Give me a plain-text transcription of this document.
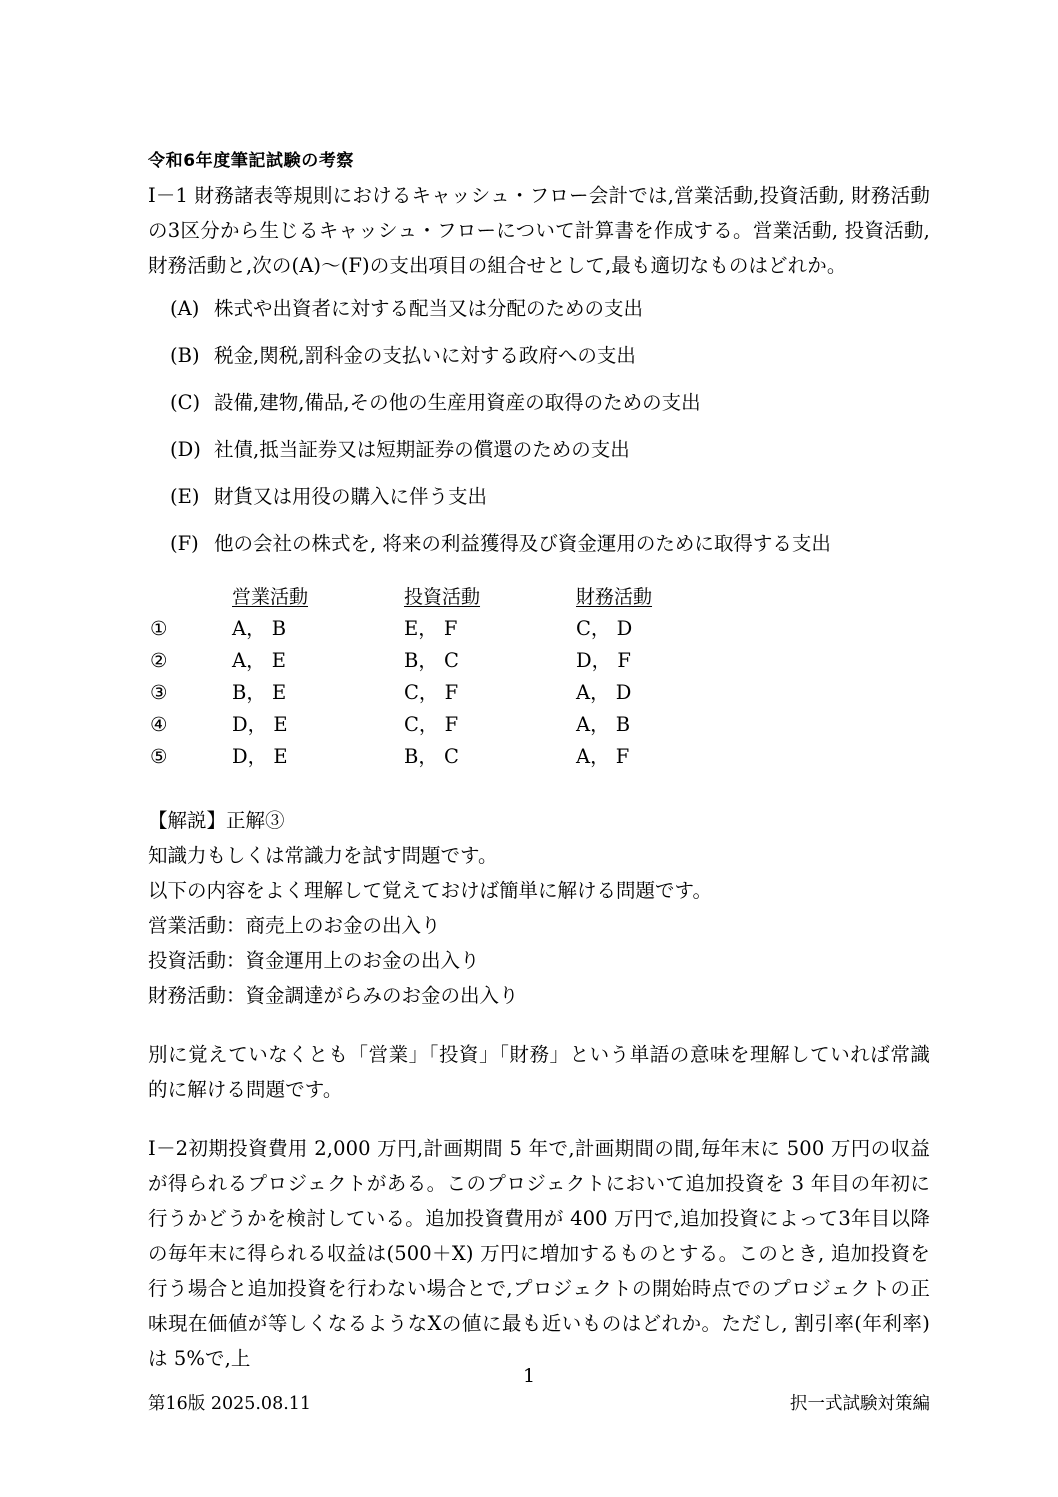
令和6年度筆記試験の考察

Ⅰ－1 財務諸表等規則におけるキャッシュ・フロー会計では,営業活動,投資活動, 財務活動の3区分から生じるキャッシュ・フローについて計算書を作成する。営業活動, 投資活動,財務活動と,次の(A)～(F)の支出項目の組合せとして,最も適切なものはどれか。

(A) 株式や出資者に対する配当又は分配のための支出
(B) 税金,関税,罰科金の支払いに対する政府への支出
(C) 設備,建物,備品,その他の生産用資産の取得のための支出
(D) 社債,抵当証券又は短期証券の償還のための支出
(E) 財貨又は用役の購入に伴う支出
(F) 他の会社の株式を, 将来の利益獲得及び資金運用のために取得する支出
	営業活動	投資活動	財務活動
①	A， B	E， F	C， D
②	A， E	B， C	D， F
③	B， E	C， F	A， D
④	D， E	C， F	A， B
⑤	D， E	B， C	A， F

【解説】正解③

知識力もしくは常識力を試す問題です。

以下の内容をよく理解して覚えておけば簡単に解ける問題です。

営業活動：商売上のお金の出入り

投資活動：資金運用上のお金の出入り

財務活動：資金調達がらみのお金の出入り

別に覚えていなくとも「営業」「投資」「財務」という単語の意味を理解していれば常識的に解ける問題です。

Ⅰ－2初期投資費用 2,000 万円,計画期間 5 年で,計画期間の間,毎年末に 500 万円の収益が得られるプロジェクトがある。このプロジェクトにおいて追加投資を 3 年目の年初に行うかどうかを検討している。追加投資費用が 400 万円で,追加投資によって3年目以降の毎年末に得られる収益は(500＋X) 万円に増加するものとする。このとき, 追加投資を行う場合と追加投資を行わない場合とで,プロジェクトの開始時点でのプロジェクトの正味現在価値が等しくなるようなXの値に最も近いものはどれか。ただし, 割引率(年利率)は 5%で,上

1
第16版 2025.08.11	択一式試験対策編
